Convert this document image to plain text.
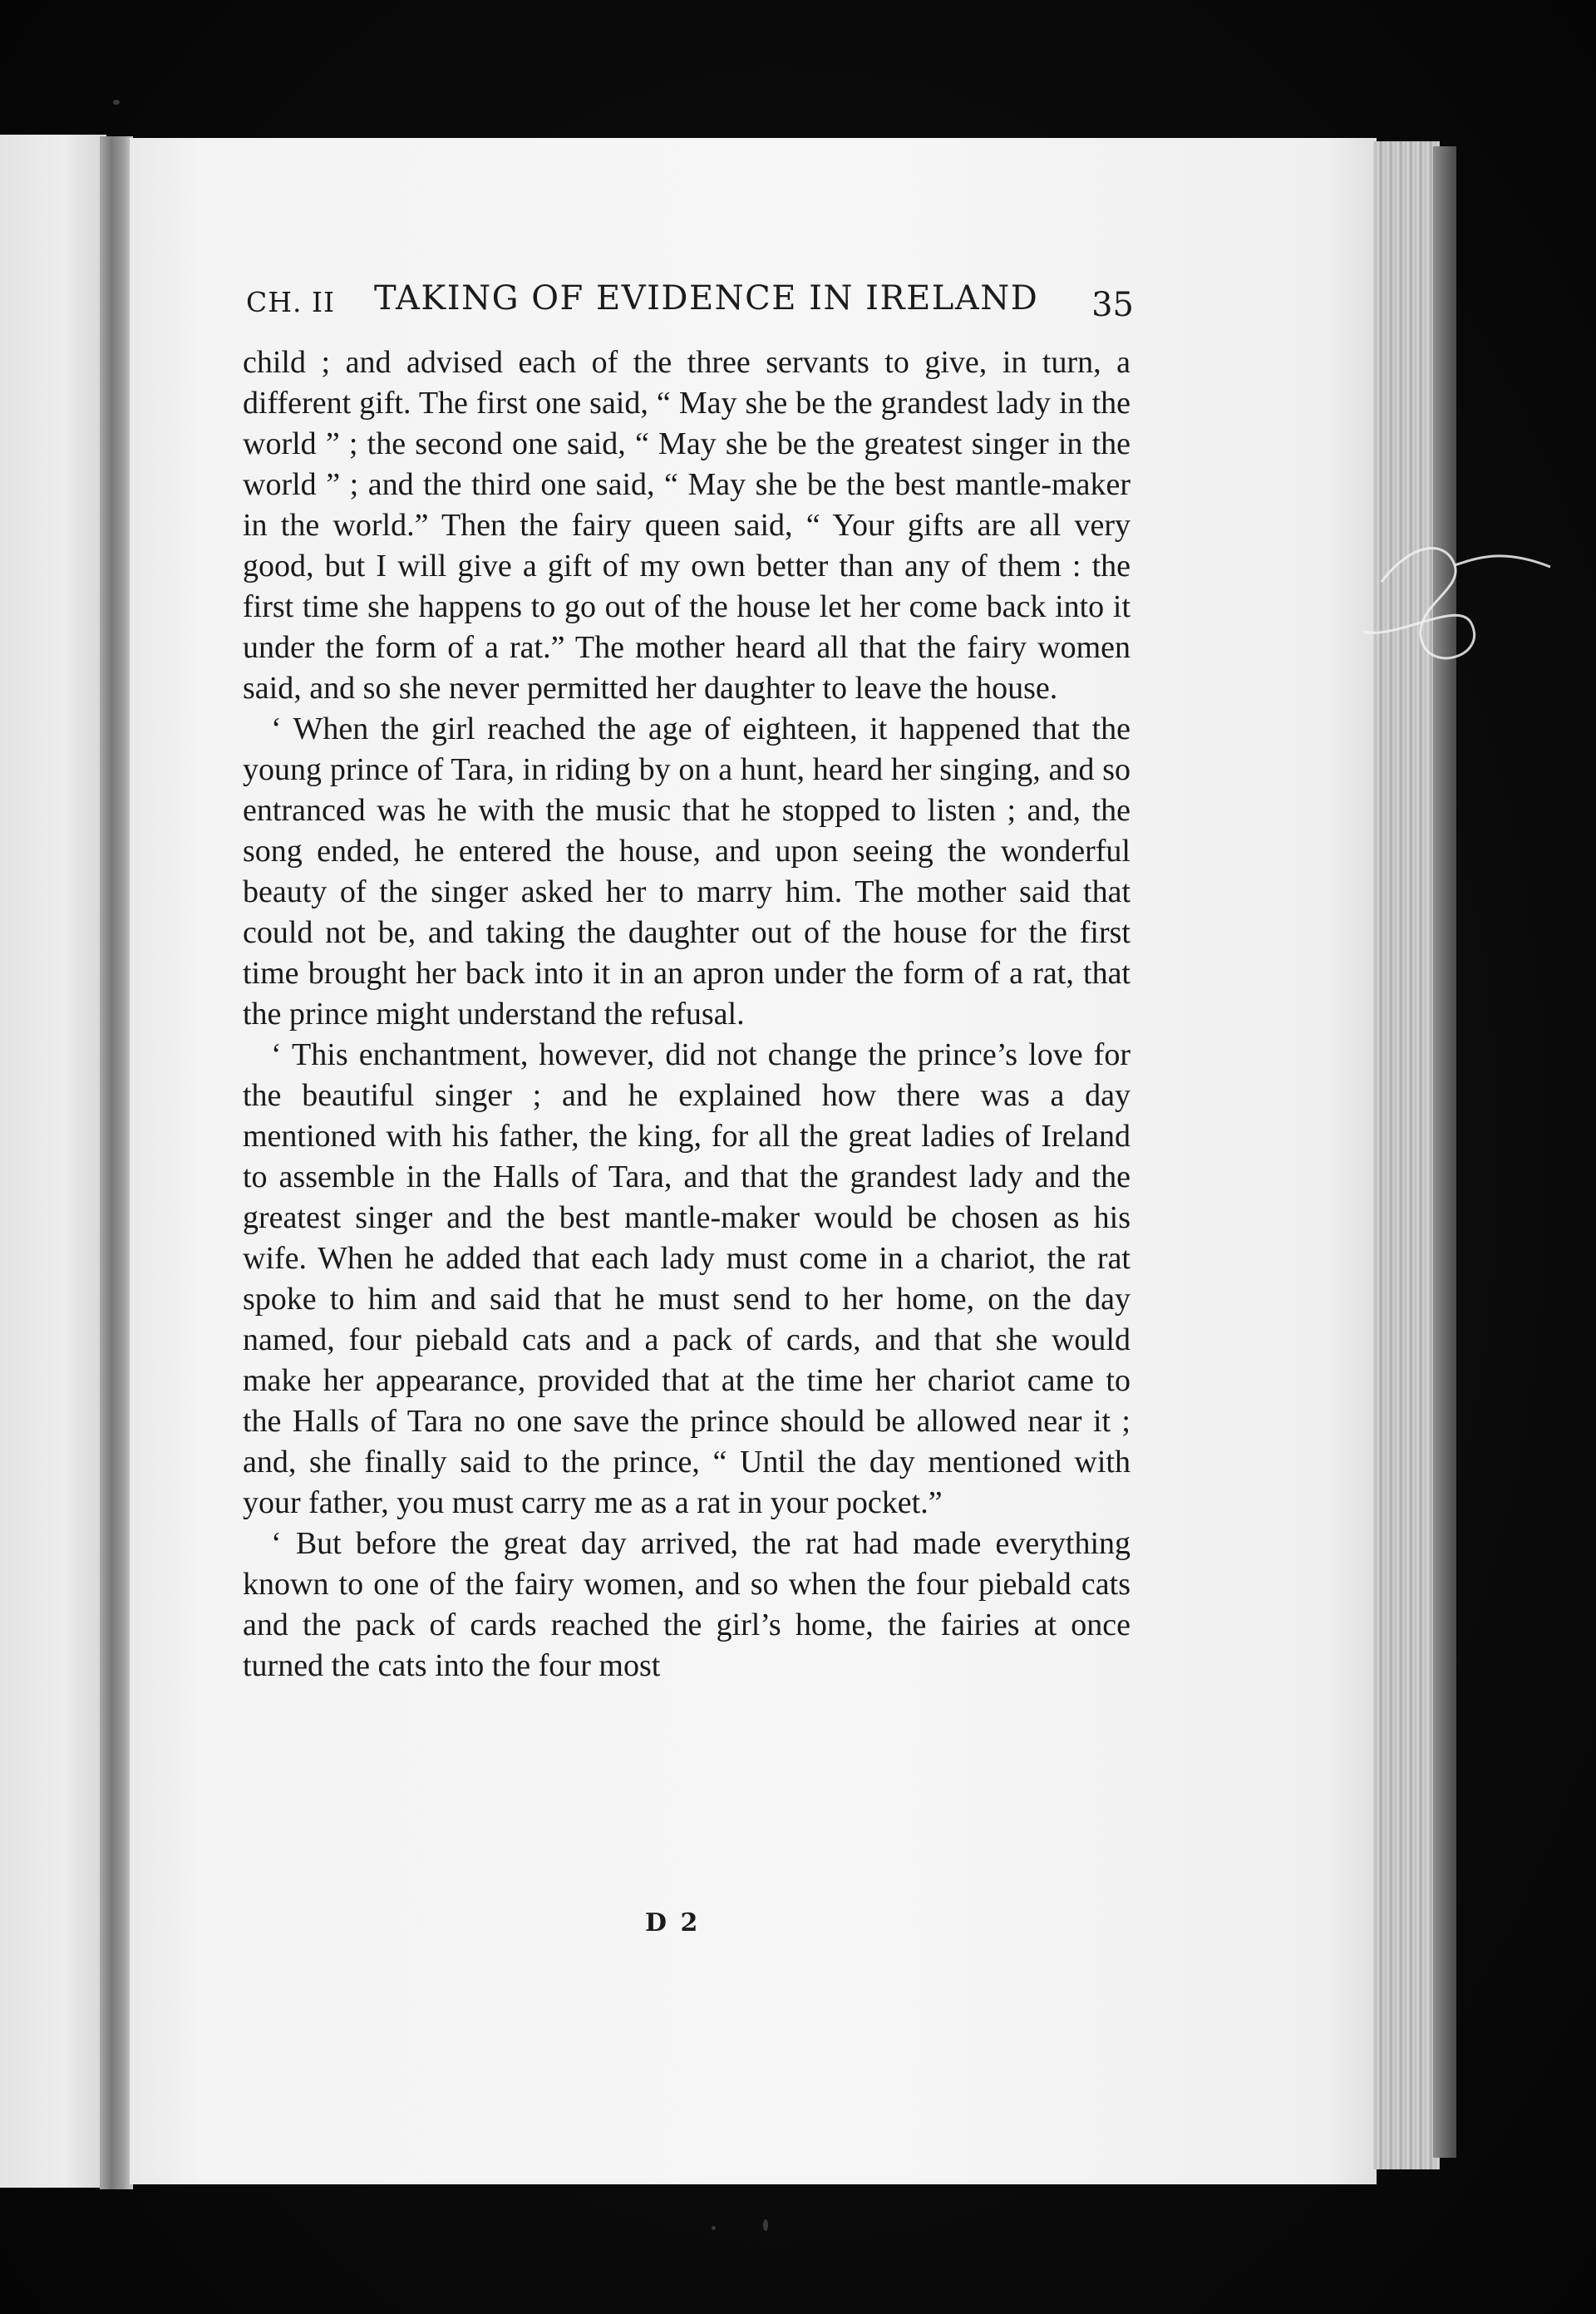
CH. II TAKING OF EVIDENCE IN IRELAND 35

child ; and advised each of the three servants to give, in turn, a different gift. The first one said, “ May she be the grandest lady in the world ” ; the second one said, “ May she be the greatest singer in the world ” ; and the third one said, “ May she be the best mantle-maker in the world.” Then the fairy queen said, “ Your gifts are all very good, but I will give a gift of my own better than any of them : the first time she happens to go out of the house let her come back into it under the form of a rat.” The mother heard all that the fairy women said, and so she never permitted her daughter to leave the house.

‘ When the girl reached the age of eighteen, it happened that the young prince of Tara, in riding by on a hunt, heard her singing, and so entranced was he with the music that he stopped to listen ; and, the song ended, he entered the house, and upon seeing the wonderful beauty of the singer asked her to marry him. The mother said that could not be, and taking the daughter out of the house for the first time brought her back into it in an apron under the form of a rat, that the prince might understand the refusal.

‘ This enchantment, however, did not change the prince’s love for the beautiful singer ; and he explained how there was a day mentioned with his father, the king, for all the great ladies of Ireland to assemble in the Halls of Tara, and that the grandest lady and the greatest singer and the best mantle-maker would be chosen as his wife. When he added that each lady must come in a chariot, the rat spoke to him and said that he must send to her home, on the day named, four piebald cats and a pack of cards, and that she would make her appearance, provided that at the time her chariot came to the Halls of Tara no one save the prince should be allowed near it ; and, she finally said to the prince, “ Until the day mentioned with your father, you must carry me as a rat in your pocket.”

‘ But before the great day arrived, the rat had made everything known to one of the fairy women, and so when the four piebald cats and the pack of cards reached the girl’s home, the fairies at once turned the cats into the four most

D 2
